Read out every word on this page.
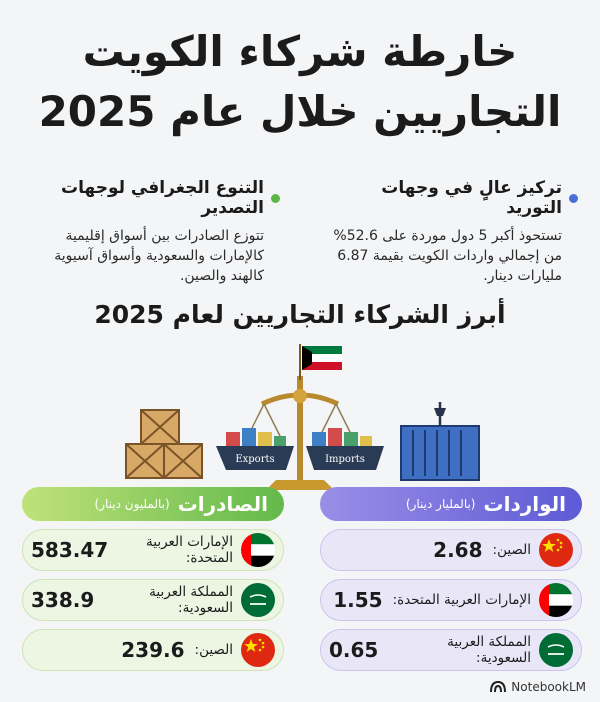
خارطة شركاء الكويت
التجاريين خلال عام 2025
تركيز عالٍ في وجهات التوريد
تستحوذ أكبر 5 دول موردة على 52.6% من إجمالي واردات الكويت بقيمة 6.87 مليارات دينار.
التنوع الجغرافي لوجهات التصدير
تتوزع الصادرات بين أسواق إقليمية كالإمارات والسعودية وأسواق آسيوية كالهند والصين.
أبرز الشركاء التجاريين لعام 2025
Exports	Imports
الواردات
(بالمليار دينار)
الصين:
2.68
الإمارات العربية المتحدة:
1.55
المملكة العربية السعودية:
0.65
الصادرات
(بالمليون دينار)
الإمارات العربية المتحدة:
583.47
المملكة العربية السعودية:
338.9
الصين:
239.6
NotebookLM
